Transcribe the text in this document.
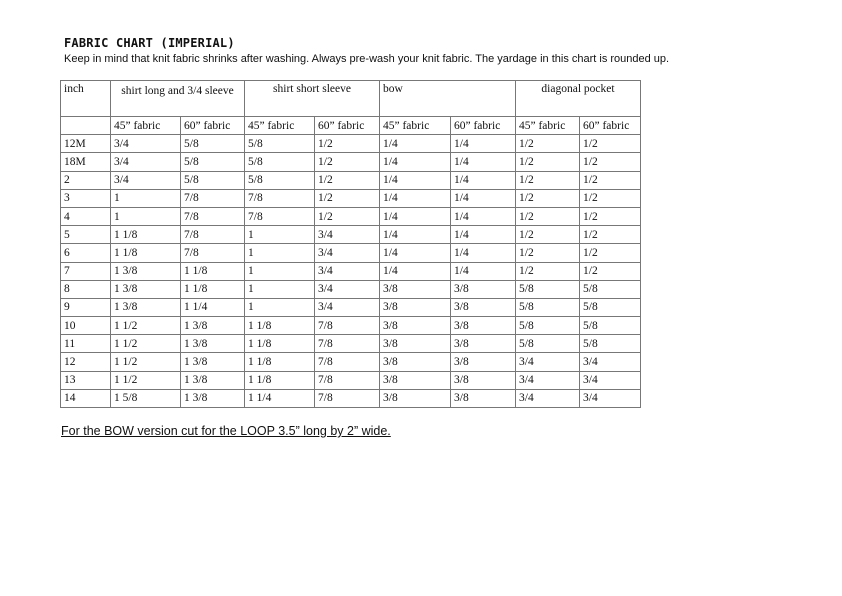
FABRIC CHART (IMPERIAL)
Keep in mind that knit fabric shrinks after washing. Always pre-wash your knit fabric. The yardage in this chart is rounded up.
inch	shirt long and 3/4 sleeve		shirt short sleeve		bow		diagonal pocket	
	45” fabric	60” fabric	45” fabric	60” fabric	45” fabric	60” fabric	45” fabric	60” fabric
12M	3/4	5/8	5/8	1/2	1/4	1/4	1/2	1/2
18M	3/4	5/8	5/8	1/2	1/4	1/4	1/2	1/2
2	3/4	5/8	5/8	1/2	1/4	1/4	1/2	1/2
3	1	7/8	7/8	1/2	1/4	1/4	1/2	1/2
4	1	7/8	7/8	1/2	1/4	1/4	1/2	1/2
5	1 1/8	7/8	1	3/4	1/4	1/4	1/2	1/2
6	1 1/8	7/8	1	3/4	1/4	1/4	1/2	1/2
7	1 3/8	1 1/8	1	3/4	1/4	1/4	1/2	1/2
8	1 3/8	1 1/8	1	3/4	3/8	3/8	5/8	5/8
9	1 3/8	1 1/4	1	3/4	3/8	3/8	5/8	5/8
10	1 1/2	1 3/8	1 1/8	7/8	3/8	3/8	5/8	5/8
11	1 1/2	1 3/8	1 1/8	7/8	3/8	3/8	5/8	5/8
12	1 1/2	1 3/8	1 1/8	7/8	3/8	3/8	3/4	3/4
13	1 1/2	1 3/8	1 1/8	7/8	3/8	3/8	3/4	3/4
14	1 5/8	1 3/8	1 1/4	7/8	3/8	3/8	3/4	3/4
For the BOW version cut for the LOOP 3.5” long by 2” wide.
